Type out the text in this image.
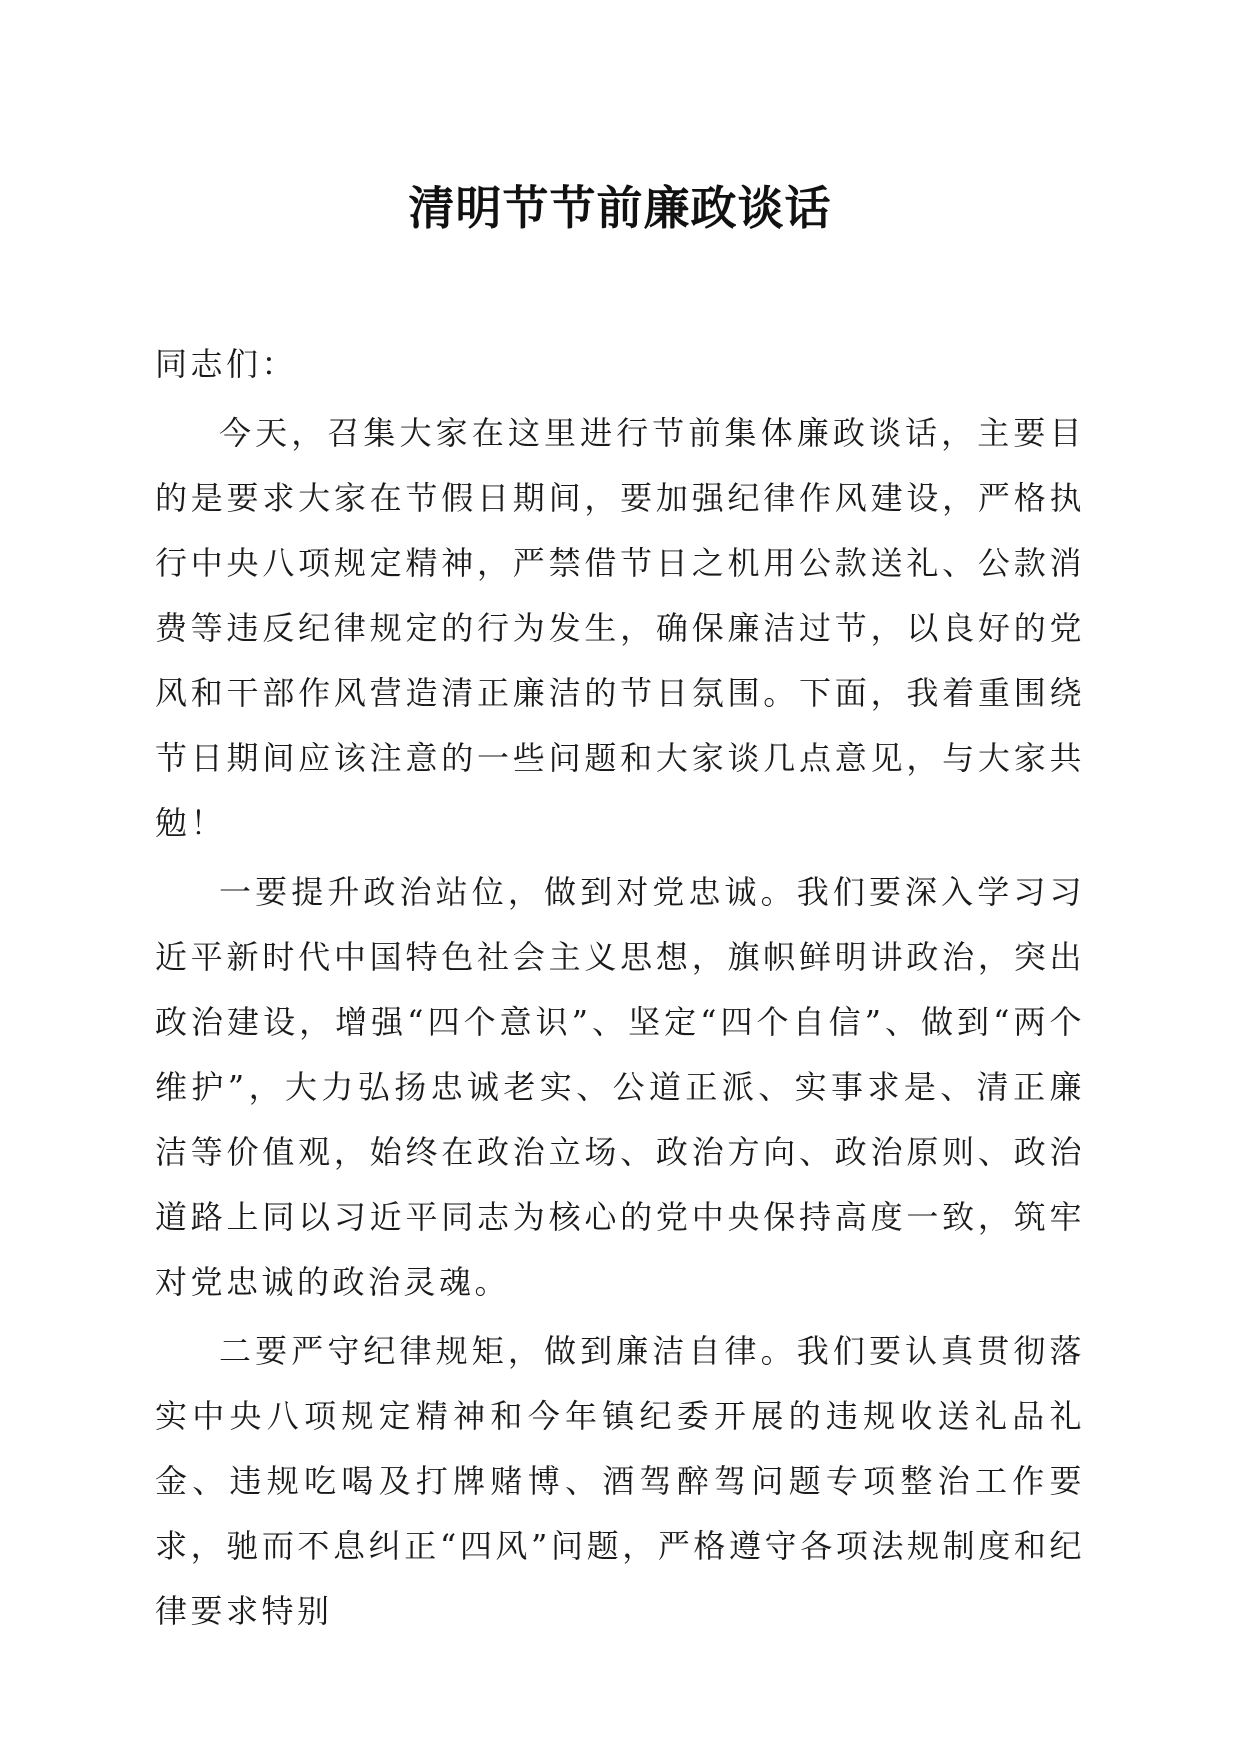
清明节节前廉政谈话

同志们：

今天，召集大家在这里进行节前集体廉政谈话，主要目的是要求大家在节假日期间，要加强纪律作风建设，严格执行中央八项规定精神，严禁借节日之机用公款送礼、公款消费等违反纪律规定的行为发生，确保廉洁过节，以良好的党风和干部作风营造清正廉洁的节日氛围。下面，我着重围绕节日期间应该注意的一些问题和大家谈几点意见，与大家共勉！

一要提升政治站位，做到对党忠诚。我们要深入学习习近平新时代中国特色社会主义思想，旗帜鲜明讲政治，突出政治建设，增强“四个意识”、坚定“四个自信”、做到“两个维护”，大力弘扬忠诚老实、公道正派、实事求是、清正廉洁等价值观，始终在政治立场、政治方向、政治原则、政治道路上同以习近平同志为核心的党中央保持高度一致，筑牢对党忠诚的政治灵魂。

二要严守纪律规矩，做到廉洁自律。我们要认真贯彻落实中央八项规定精神和今年镇纪委开展的违规收送礼品礼金、违规吃喝及打牌赌博、酒驾醉驾问题专项整治工作要求，驰而不息纠正“四风”问题，严格遵守各项法规制度和纪律要求特别
